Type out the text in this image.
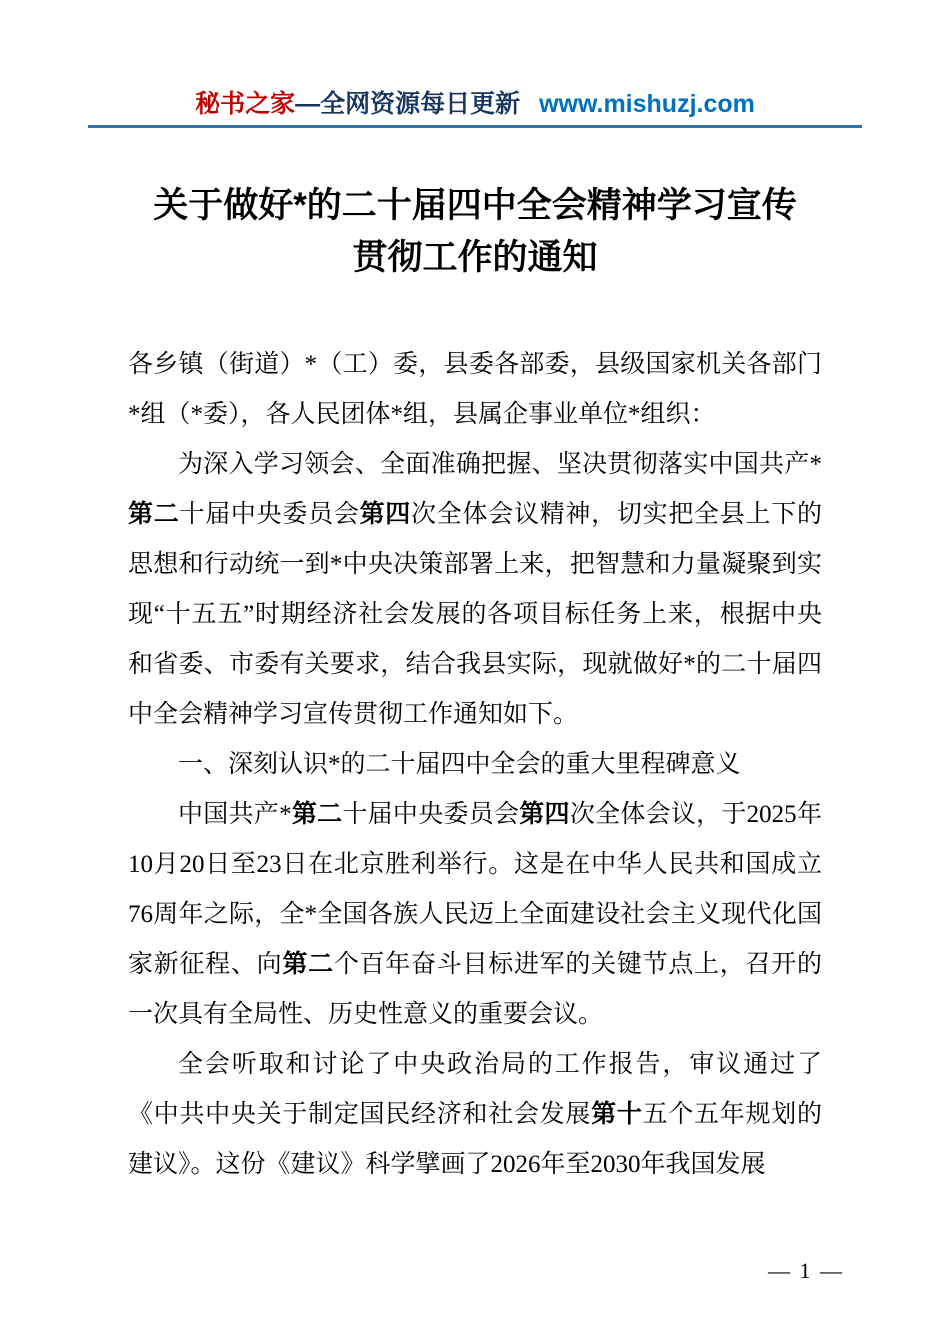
秘书之家—全网资源每日更新 www.mishuzj.com
关于做好*的二十届四中全会精神学习宣传
贯彻工作的通知

各乡镇（街道）*（工）委，县委各部委，县级国家机关各部门*组（*委），各人民团体*组，县属企事业单位*组织：

为深入学习领会、全面准确把握、坚决贯彻落实中国共产*第二十届中央委员会第四次全体会议精神，切实把全县上下的思想和行动统一到*中央决策部署上来，把智慧和力量凝聚到实现“十五五”时期经济社会发展的各项目标任务上来，根据中央和省委、市委有关要求，结合我县实际，现就做好*的二十届四中全会精神学习宣传贯彻工作通知如下。

一、深刻认识*的二十届四中全会的重大里程碑意义

中国共产*第二十届中央委员会第四次全体会议，于2025年10月20日至23日在北京胜利举行。这是在中华人民共和国成立76周年之际，全*全国各族人民迈上全面建设社会主义现代化国家新征程、向第二个百年奋斗目标进军的关键节点上，召开的一次具有全局性、历史性意义的重要会议。

全会听取和讨论了中央政治局的工作报告，审议通过了《中共中央关于制定国民经济和社会发展第十五个五年规划的建议》。这份《建议》科学擘画了2026年至2030年我国发展

— 1 —
